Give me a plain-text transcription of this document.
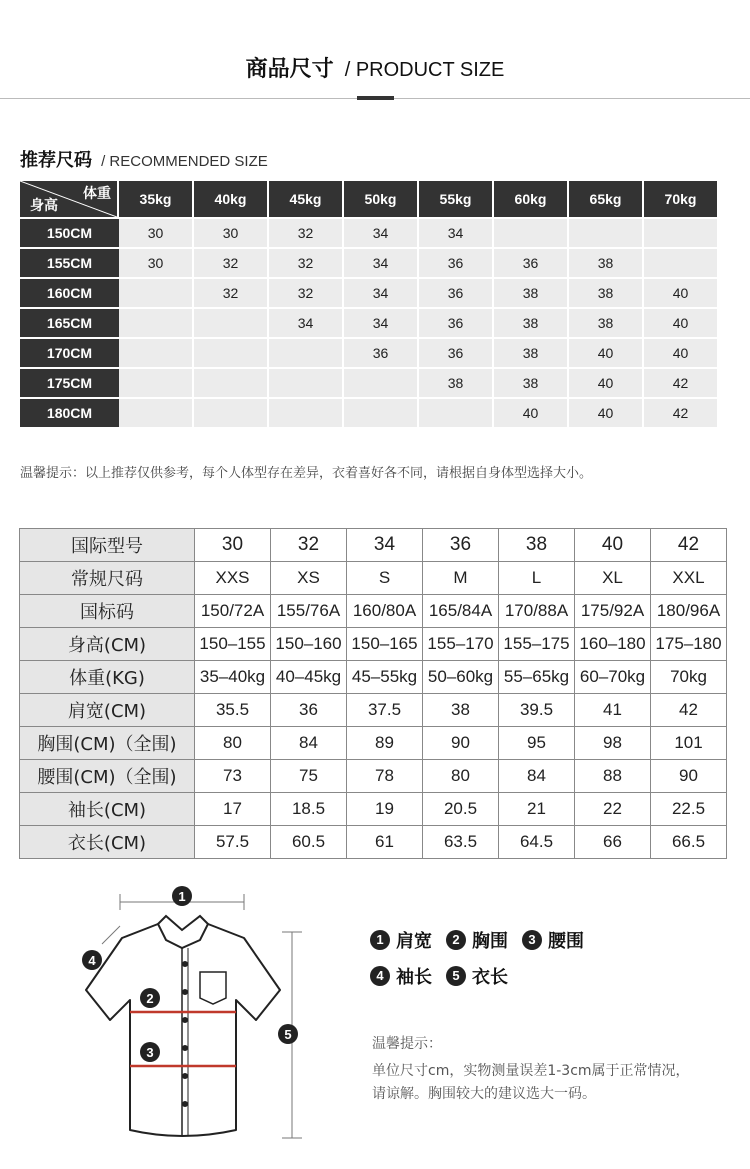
商品尺寸 / PRODUCT SIZE
推荐尺码 / RECOMMENDED SIZE
体重
身高	35kg	40kg	45kg	50kg	55kg	60kg	65kg	70kg
150CM	30	30	32	34	34			
155CM	30	32	32	34	36	36	38	
160CM		32	32	34	36	38	38	40
165CM			34	34	36	38	38	40
170CM				36	36	38	40	40
175CM					38	38	40	42
180CM						40	40	42
温馨提示：以上推荐仅供参考，每个人体型存在差异，衣着喜好各不同，请根据自身体型选择大小。
国际型号	30	32	34	36	38	40	42
常规尺码	XXS	XS	S	M	L	XL	XXL
国标码	150/72A	155/76A	160/80A	165/84A	170/88A	175/92A	180/96A
身高(CM)	150–155	150–160	150–165	155–170	155–175	160–180	175–180
体重(KG)	35–40kg	40–45kg	45–55kg	50–60kg	55–65kg	60–70kg	70kg
肩宽(CM)	35.5	36	37.5	38	39.5	41	42
胸围(CM)（全围)	80	84	89	90	95	98	101
腰围(CM)（全围)	73	75	78	80	84	88	90
袖长(CM)	17	18.5	19	20.5	21	22	22.5
衣长(CM)	57.5	60.5	61	63.5	64.5	66	66.5
1
2
3
4
5
1 肩宽	2 胸围	3 腰围
4 袖长	5 衣长
温馨提示：
单位尺寸cm，实物测量误差1-3cm属于正常情况，请谅解。胸围较大的建议选大一码。
